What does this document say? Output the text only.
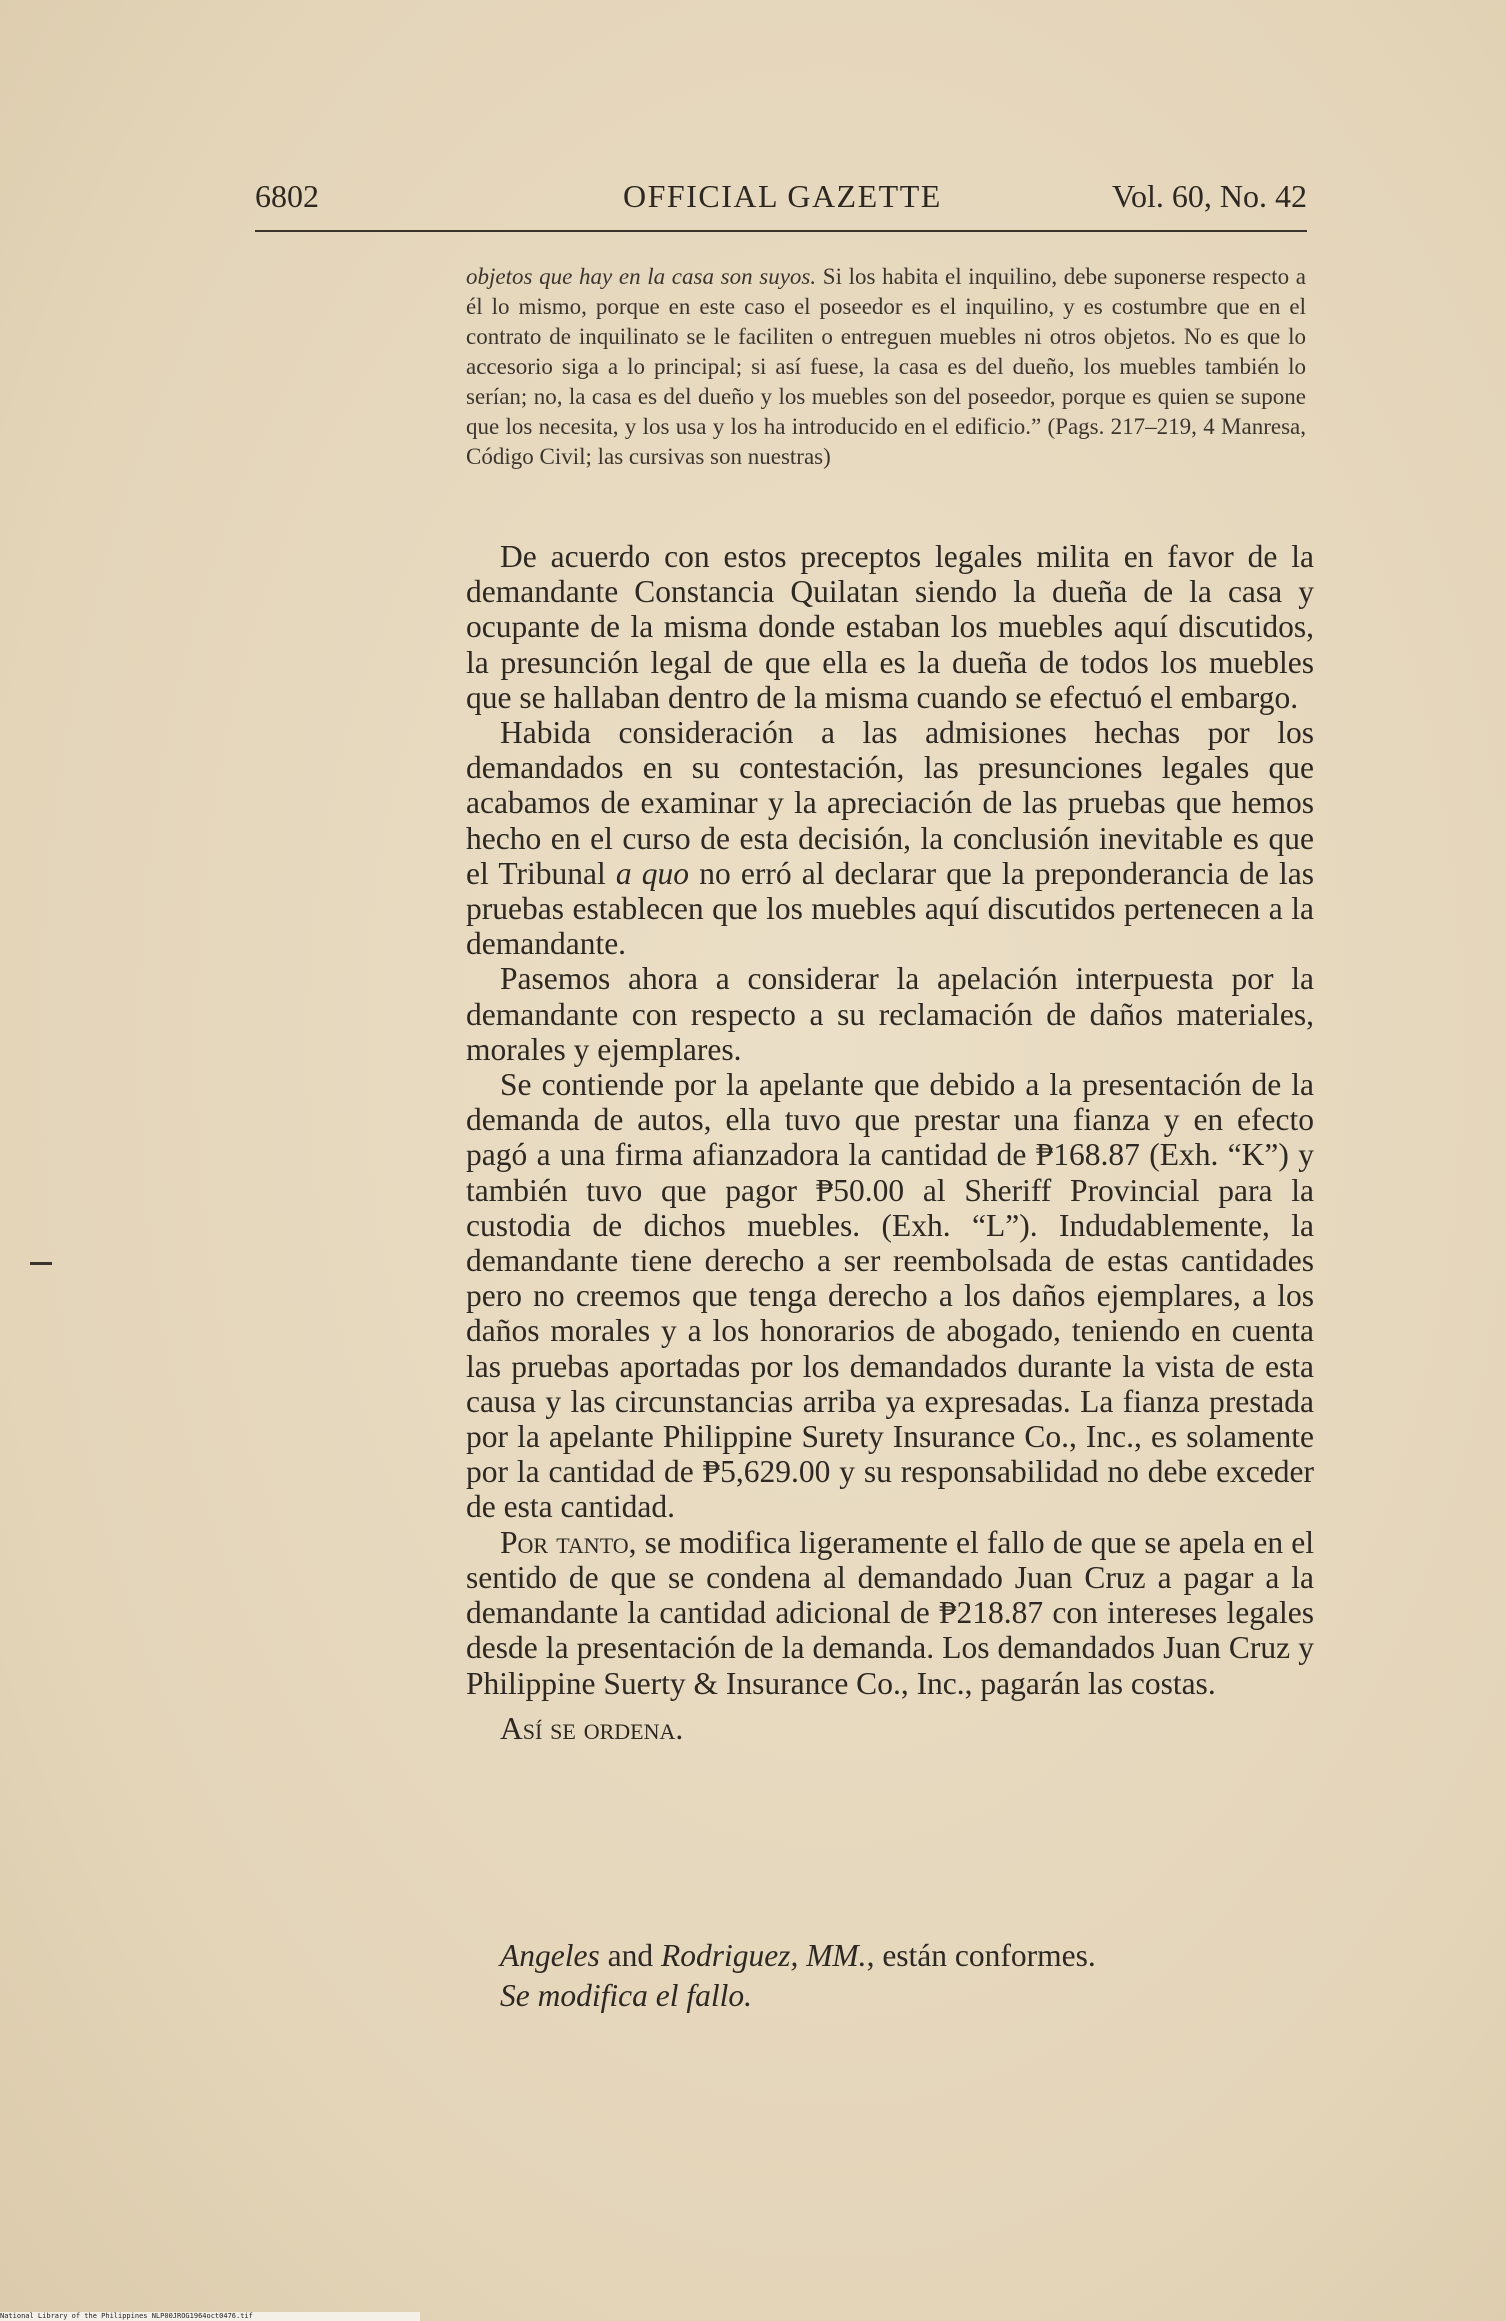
6802	OFFICIAL GAZETTE	Vol. 60, No. 42
objetos que hay en la casa son suyos. Si los habita el inquilino, debe suponerse respecto a él lo mismo, porque en este caso el poseedor es el inquilino, y es costumbre que en el contrato de inquilinato se le faciliten o entreguen muebles ni otros objetos. No es que lo accesorio siga a lo principal; si así fuese, la casa es del dueño, los muebles también lo serían; no, la casa es del dueño y los muebles son del poseedor, porque es quien se supone que los necesita, y los usa y los ha introducido en el edificio.” (Pags. 217–219, 4 Manresa, Código Civil; las cursivas son nuestras)

De acuerdo con estos preceptos legales milita en favor de la demandante Constancia Quilatan siendo la dueña de la casa y ocupante de la misma donde estaban los muebles aquí discutidos, la presunción legal de que ella es la dueña de todos los muebles que se hallaban dentro de la misma cuando se efectuó el embargo.

Habida consideración a las admisiones hechas por los demandados en su contestación, las presunciones legales que acabamos de examinar y la apreciación de las pruebas que hemos hecho en el curso de esta decisión, la conclusión inevitable es que el Tribunal a quo no erró al declarar que la preponderancia de las pruebas establecen que los muebles aquí discutidos pertenecen a la demandante.

Pasemos ahora a considerar la apelación interpuesta por la demandante con respecto a su reclamación de daños materiales, morales y ejemplares.

Se contiende por la apelante que debido a la presentación de la demanda de autos, ella tuvo que prestar una fianza y en efecto pagó a una firma afianzadora la cantidad de ₱168.87 (Exh. “K”) y también tuvo que pagor ₱50.00 al Sheriff Provincial para la custodia de dichos muebles. (Exh. “L”). Indudablemente, la demandante tiene derecho a ser reembolsada de estas cantidades pero no creemos que tenga derecho a los daños ejemplares, a los daños morales y a los honorarios de abogado, teniendo en cuenta las pruebas aportadas por los demandados durante la vista de esta causa y las circunstancias arriba ya expresadas. La fianza prestada por la apelante Philippine Surety Insurance Co., Inc., es solamente por la cantidad de ₱5,629.00 y su responsabilidad no debe exceder de esta cantidad.

Por tanto, se modifica ligeramente el fallo de que se apela en el sentido de que se condena al demandado Juan Cruz a pagar a la demandante la cantidad adicional de ₱218.87 con intereses legales desde la presentación de la demanda. Los demandados Juan Cruz y Philippine Suerty & Insurance Co., Inc., pagarán las costas.

Así se ordena.

Angeles and Rodriguez, MM., están conformes.
Se modifica el fallo.
National Library of the Philippines NLP00JROG1964oct0476.tif
